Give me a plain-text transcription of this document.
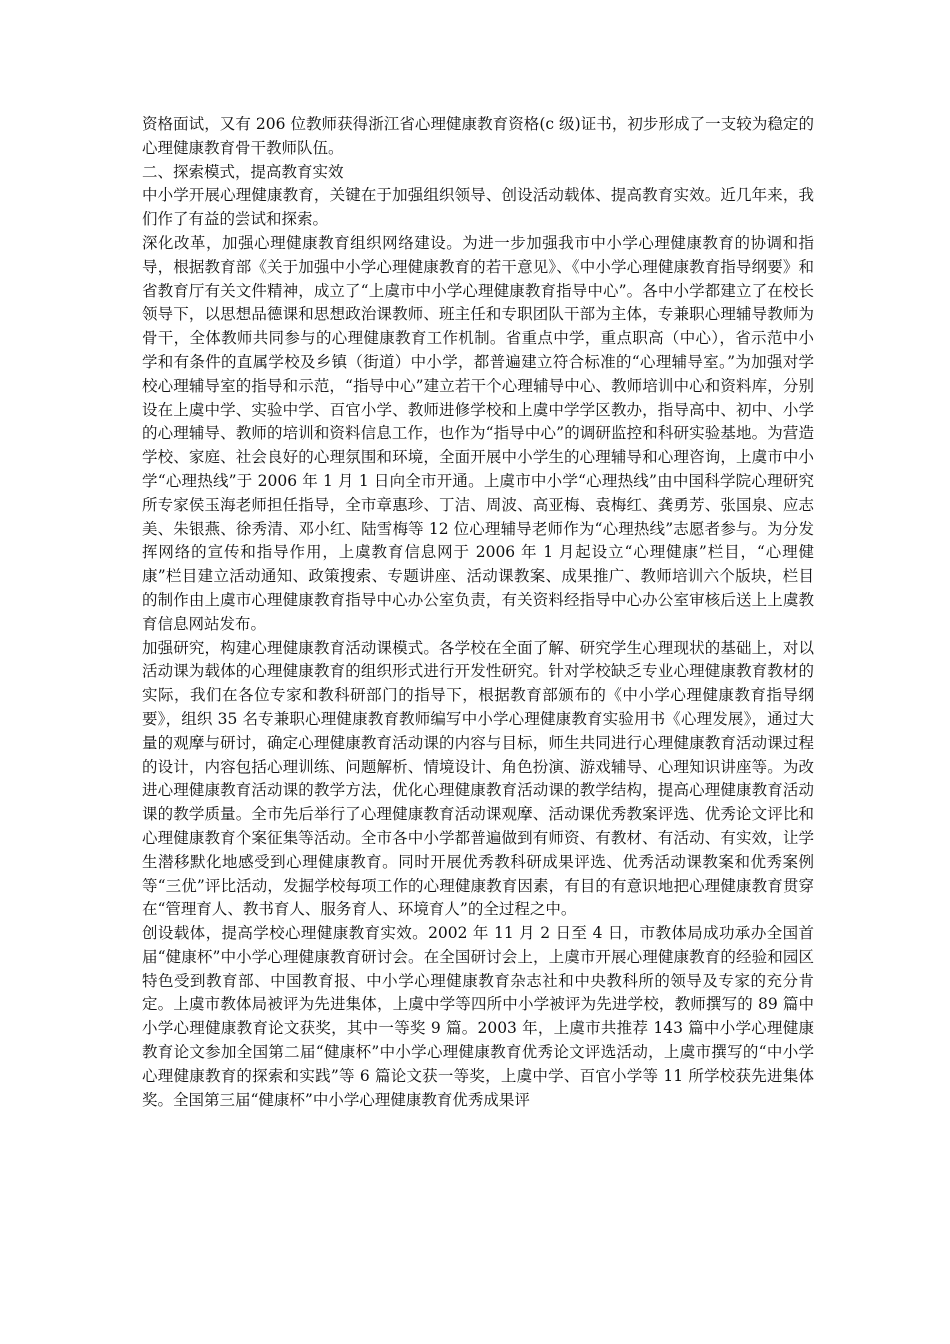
资格面试，又有 206 位教师获得浙江省心理健康教育资格(c 级)证书，初步形成了一支较为稳定的心理健康教育骨干教师队伍。

二、探索模式，提高教育实效

中小学开展心理健康教育，关键在于加强组织领导、创设活动载体、提高教育实效。近几年来，我们作了有益的尝试和探索。

深化改革，加强心理健康教育组织网络建设。为进一步加强我市中小学心理健康教育的协调和指导，根据教育部《关于加强中小学心理健康教育的若干意见》、《中小学心理健康教育指导纲要》和省教育厅有关文件精神，成立了“上虞市中小学心理健康教育指导中心”。各中小学都建立了在校长领导下，以思想品德课和思想政治课教师、班主任和专职团队干部为主体，专兼职心理辅导教师为骨干，全体教师共同参与的心理健康教育工作机制。省重点中学，重点职高（中心），省示范中小学和有条件的直属学校及乡镇（街道）中小学，都普遍建立符合标准的“心理辅导室。”为加强对学校心理辅导室的指导和示范，“指导中心”建立若干个心理辅导中心、教师培训中心和资料库，分别设在上虞中学、实验中学、百官小学、教师进修学校和上虞中学学区教办，指导高中、初中、小学的心理辅导、教师的培训和资料信息工作，也作为“指导中心”的调研监控和科研实验基地。为营造学校、家庭、社会良好的心理氛围和环境，全面开展中小学生的心理辅导和心理咨询，上虞市中小学“心理热线”于 2006 年 1 月 1 日向全市开通。上虞市中小学“心理热线”由中国科学院心理研究所专家侯玉海老师担任指导，全市章惠珍、丁洁、周波、高亚梅、袁梅红、龚勇芳、张国泉、应志美、朱银燕、徐秀清、邓小红、陆雪梅等 12 位心理辅导老师作为“心理热线”志愿者参与。为分发挥网络的宣传和指导作用，上虞教育信息网于 2006 年 1 月起设立“心理健康”栏目，“心理健康”栏目建立活动通知、政策搜索、专题讲座、活动课教案、成果推广、教师培训六个版块，栏目的制作由上虞市心理健康教育指导中心办公室负责，有关资料经指导中心办公室审核后送上上虞教育信息网站发布。

加强研究，构建心理健康教育活动课模式。各学校在全面了解、研究学生心理现状的基础上，对以活动课为载体的心理健康教育的组织形式进行开发性研究。针对学校缺乏专业心理健康教育教材的实际，我们在各位专家和教科研部门的指导下，根据教育部颁布的《中小学心理健康教育指导纲要》，组织 35 名专兼职心理健康教育教师编写中小学心理健康教育实验用书《心理发展》，通过大量的观摩与研讨，确定心理健康教育活动课的内容与目标，师生共同进行心理健康教育活动课过程的设计，内容包括心理训练、问题解析、情境设计、角色扮演、游戏辅导、心理知识讲座等。为改进心理健康教育活动课的教学方法，优化心理健康教育活动课的教学结构，提高心理健康教育活动课的教学质量。全市先后举行了心理健康教育活动课观摩、活动课优秀教案评选、优秀论文评比和心理健康教育个案征集等活动。全市各中小学都普遍做到有师资、有教材、有活动、有实效，让学生潜移默化地感受到心理健康教育。同时开展优秀教科研成果评选、优秀活动课教案和优秀案例等“三优”评比活动，发掘学校每项工作的心理健康教育因素，有目的有意识地把心理健康教育贯穿在“管理育人、教书育人、服务育人、环境育人”的全过程之中。

创设载体，提高学校心理健康教育实效。2002 年 11 月 2 日至 4 日，市教体局成功承办全国首届“健康杯”中小学心理健康教育研讨会。在全国研讨会上，上虞市开展心理健康教育的经验和园区特色受到教育部、中国教育报、中小学心理健康教育杂志社和中央教科所的领导及专家的充分肯定。上虞市教体局被评为先进集体，上虞中学等四所中小学被评为先进学校，教师撰写的 89 篇中小学心理健康教育论文获奖，其中一等奖 9 篇。2003 年，上虞市共推荐 143 篇中小学心理健康教育论文参加全国第二届“健康杯”中小学心理健康教育优秀论文评选活动，上虞市撰写的“中小学心理健康教育的探索和实践”等 6 篇论文获一等奖，上虞中学、百官小学等 11 所学校获先进集体奖。全国第三届“健康杯”中小学心理健康教育优秀成果评
